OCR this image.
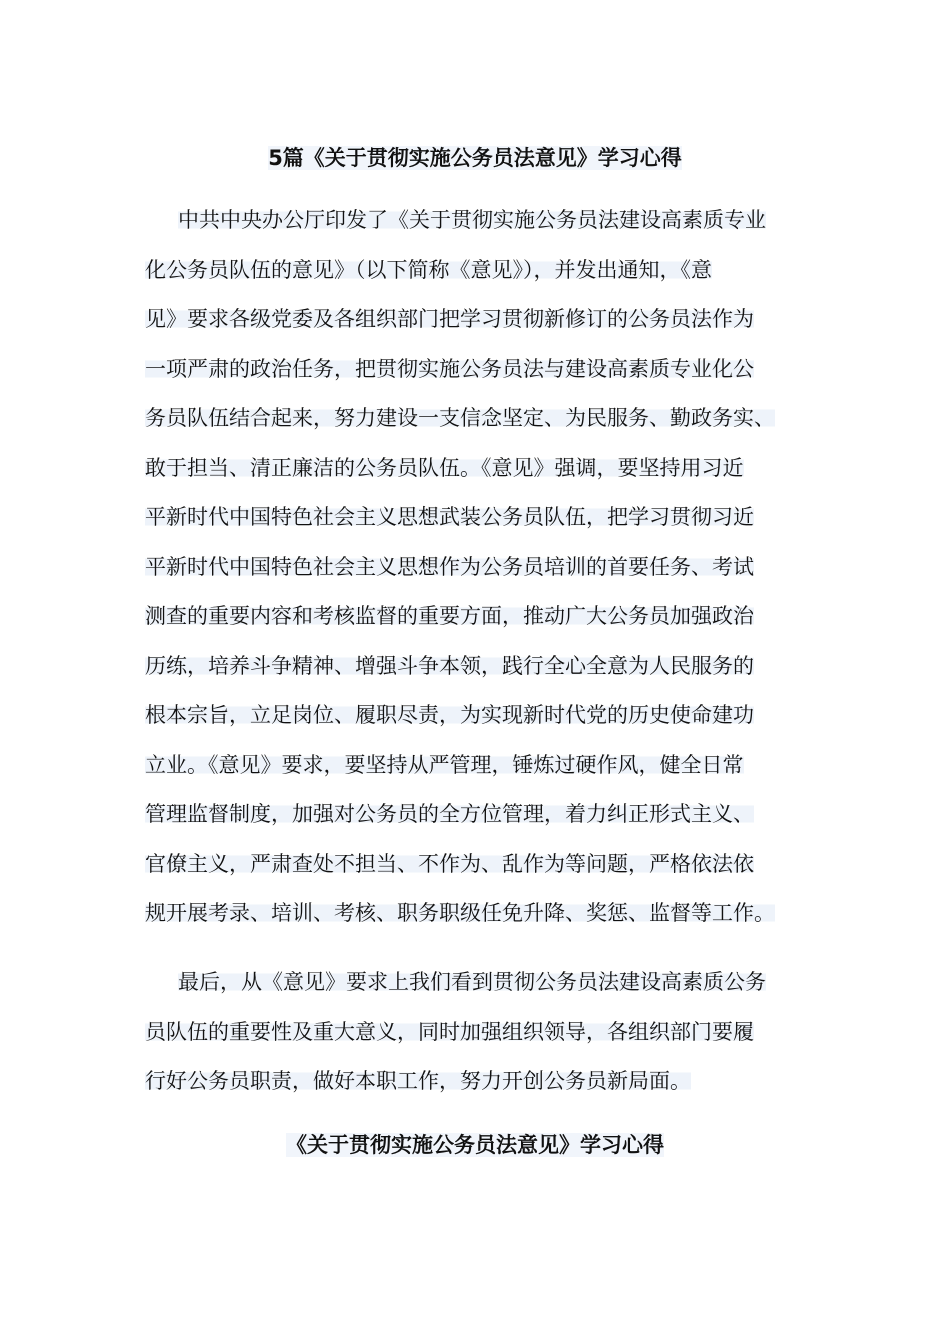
5篇《关于贯彻实施公务员法意见》学习心得
中共中央办公厅印发了《关于贯彻实施公务员法建设高素质专业
化公务员队伍的意见》（以下简称《意见》），并发出通知，《意
见》要求各级党委及各组织部门把学习贯彻新修订的公务员法作为
一项严肃的政治任务，把贯彻实施公务员法与建设高素质专业化公
务员队伍结合起来，努力建设一支信念坚定、为民服务、勤政务实、
敢于担当、清正廉洁的公务员队伍。《意见》强调，要坚持用习近
平新时代中国特色社会主义思想武装公务员队伍，把学习贯彻习近
平新时代中国特色社会主义思想作为公务员培训的首要任务、考试
测查的重要内容和考核监督的重要方面，推动广大公务员加强政治
历练，培养斗争精神、增强斗争本领，践行全心全意为人民服务的
根本宗旨，立足岗位、履职尽责，为实现新时代党的历史使命建功
立业。《意见》要求，要坚持从严管理，锤炼过硬作风，健全日常
管理监督制度，加强对公务员的全方位管理，着力纠正形式主义、
官僚主义，严肃查处不担当、不作为、乱作为等问题，严格依法依
规开展考录、培训、考核、职务职级任免升降、奖惩、监督等工作。
最后，从《意见》要求上我们看到贯彻公务员法建设高素质公务
员队伍的重要性及重大意义，同时加强组织领导，各组织部门要履
行好公务员职责，做好本职工作，努力开创公务员新局面。
《关于贯彻实施公务员法意见》学习心得
